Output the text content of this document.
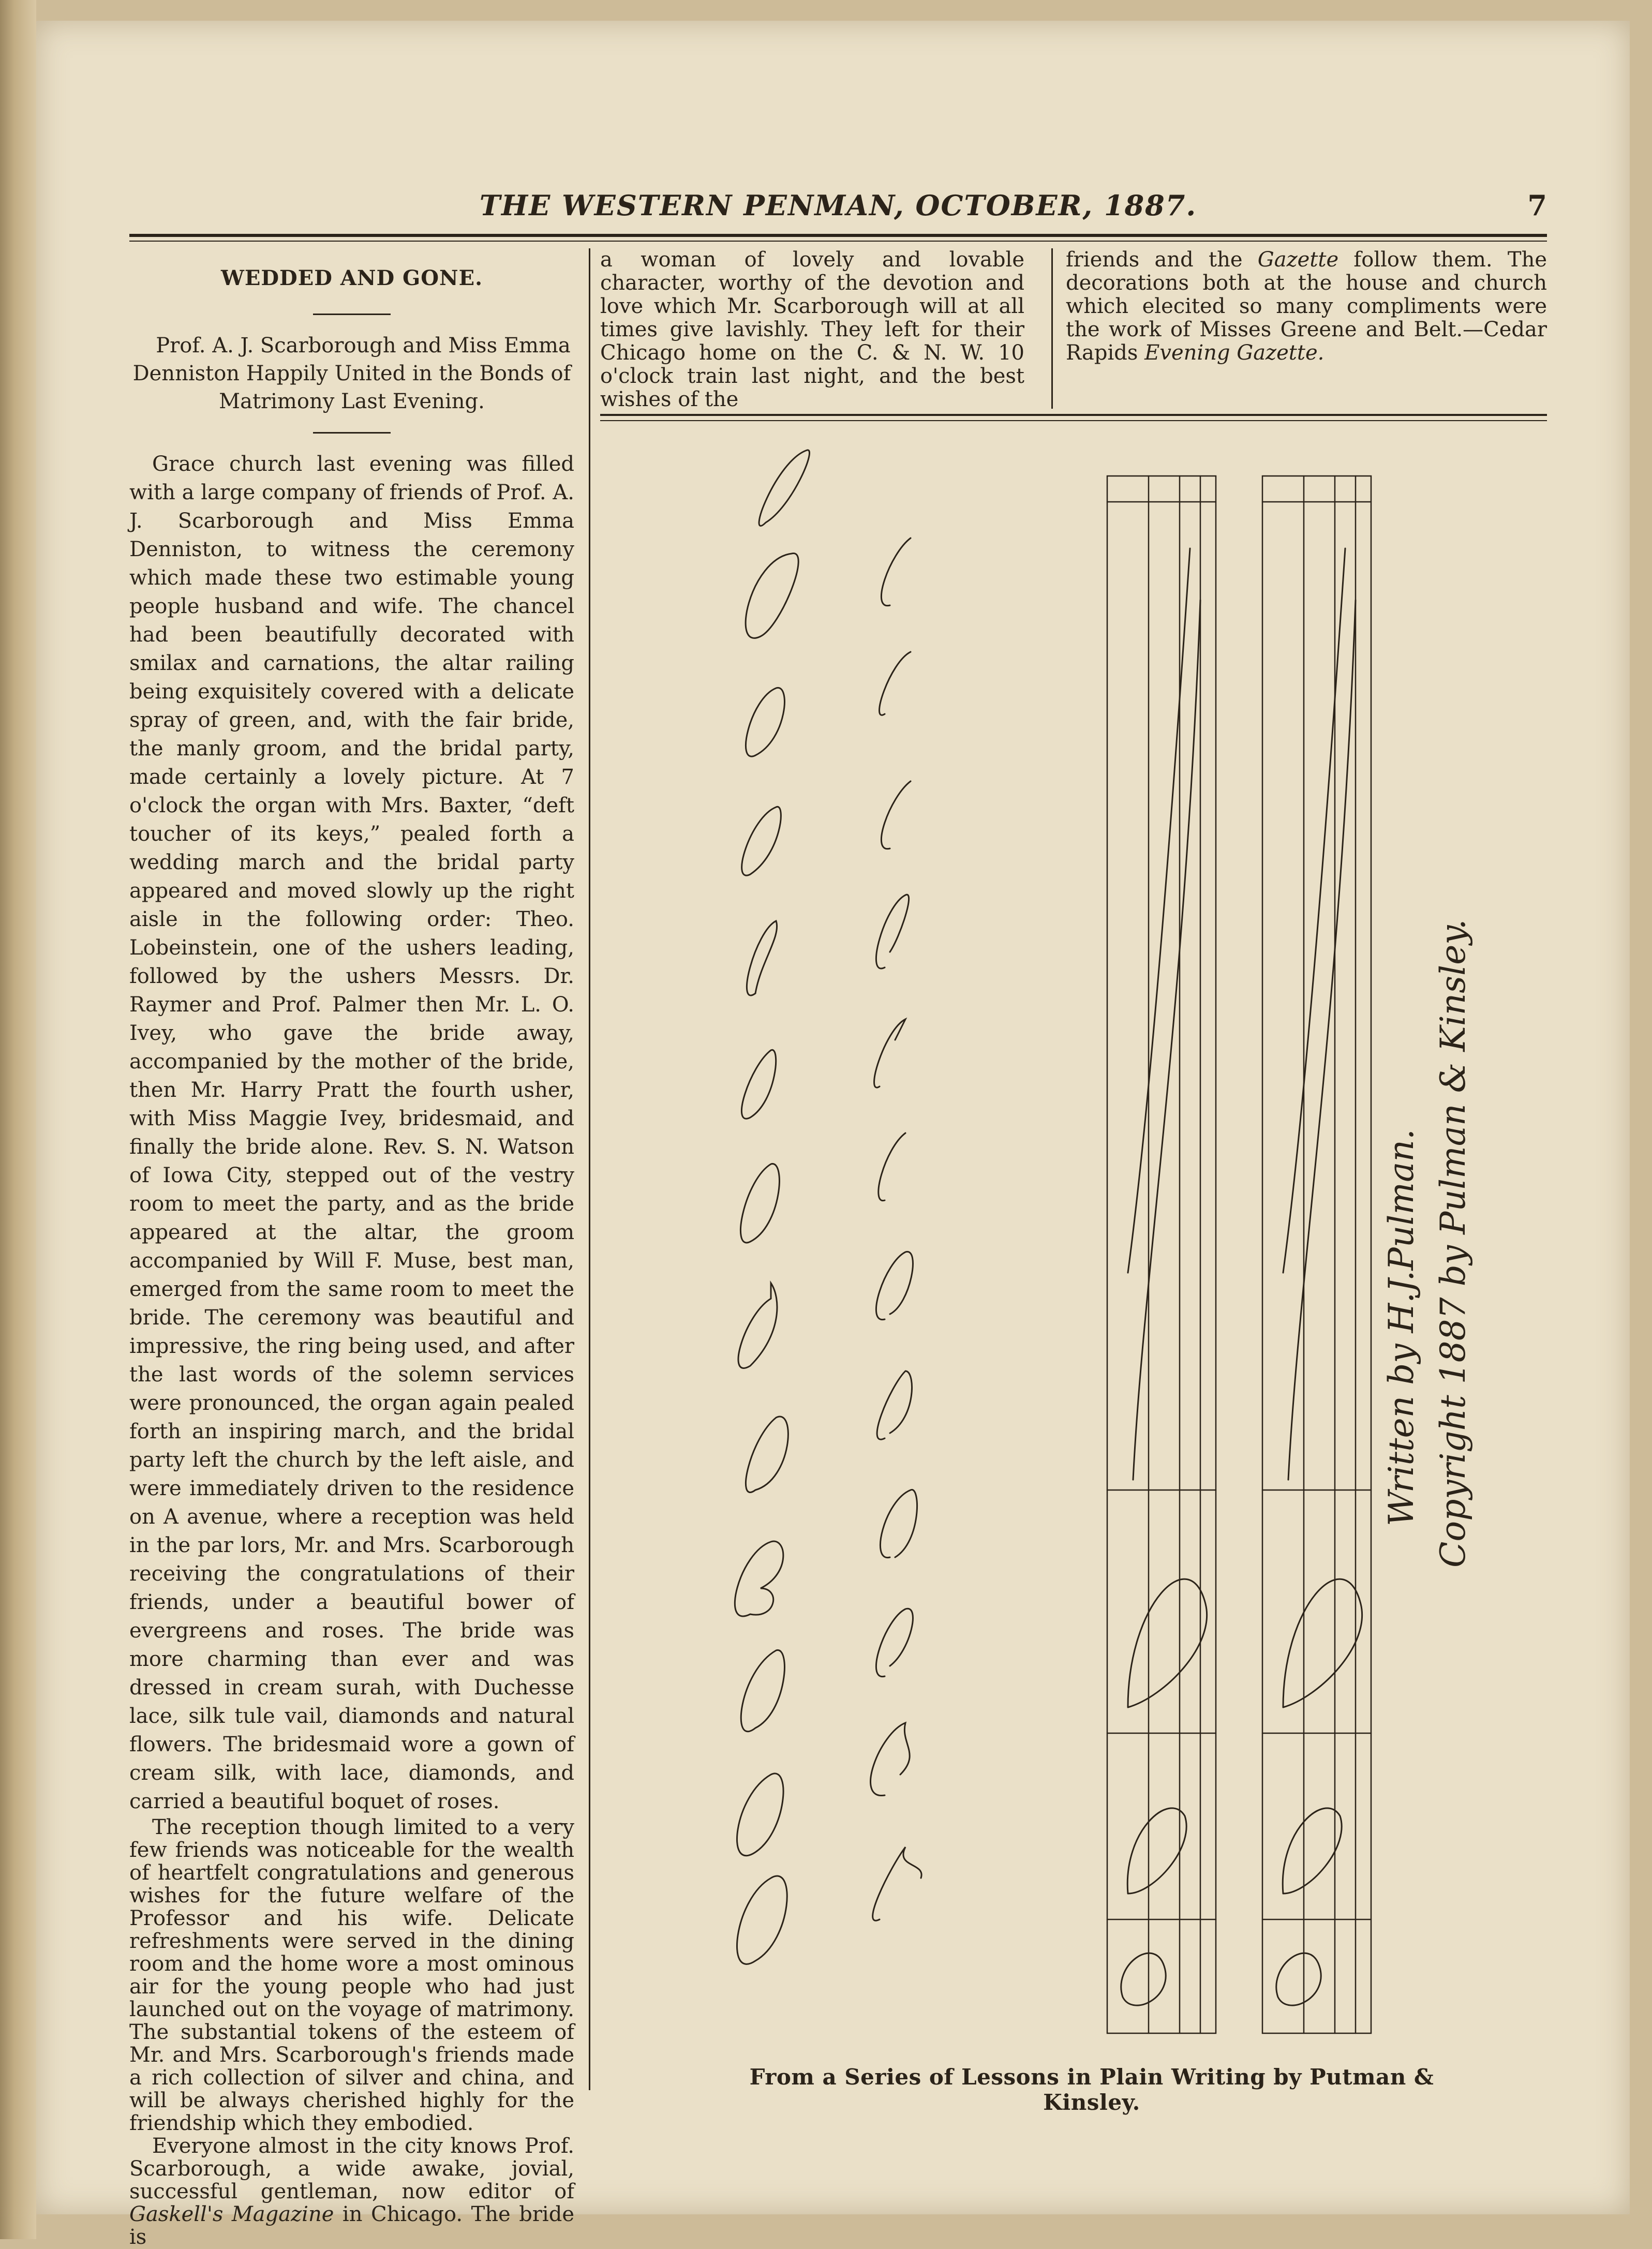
THE WESTERN PENMAN, OCTOBER, 1887.	7
WEDDED AND GONE.

Prof. A. J. Scarborough and Miss Emma Denniston Happily United in the Bonds of Matrimony Last Evening.

Grace church last evening was filled with a large company of friends of Prof. A. J. Scarborough and Miss Emma Denniston, to witness the ceremony which made these two estimable young people husband and wife. The chancel had been beautifully decorated with smilax and carnations, the altar railing being exquisitely covered with a delicate spray of green, and, with the fair bride, the manly groom, and the bridal party, made certainly a lovely picture. At 7 o'clock the organ with Mrs. Baxter, “deft toucher of its keys,” pealed forth a wedding march and the bridal party appeared and moved slowly up the right aisle in the following order: Theo. Lobeinstein, one of the ushers leading, followed by the ushers Messrs. Dr. Raymer and Prof. Palmer then Mr. L. O. Ivey, who gave the bride away, accompanied by the mother of the bride, then Mr. Harry Pratt the fourth usher, with Miss Maggie Ivey, bridesmaid, and finally the bride alone. Rev. S. N. Watson of Iowa City, stepped out of the vestry room to meet the party, and as the bride appeared at the altar, the groom accompanied by Will F. Muse, best man, emerged from the same room to meet the bride. The ceremony was beautiful and impressive, the ring being used, and after the last words of the solemn services were pronounced, the organ again pealed forth an inspiring march, and the bridal party left the church by the left aisle, and were immediately driven to the residence on A avenue, where a reception was held in the par lors, Mr. and Mrs. Scarborough receiving the congratulations of their friends, under a beautiful bower of evergreens and roses. The bride was more charming than ever and was dressed in cream surah, with Duchesse lace, silk tule vail, diamonds and natural flowers. The bridesmaid wore a gown of cream silk, with lace, diamonds, and carried a beautiful boquet of roses.

The reception though limited to a very few friends was noticeable for the wealth of heartfelt congratulations and generous wishes for the future welfare of the Professor and his wife. Delicate refreshments were served in the dining room and the home wore a most ominous air for the young people who had just launched out on the voyage of matrimony. The substantial tokens of the esteem of Mr. and Mrs. Scarborough's friends made a rich collection of silver and china, and will be always cherished highly for the friendship which they embodied.

Everyone almost in the city knows Prof. Scarborough, a wide awake, jovial, successful gentleman, now editor of Gaskell's Magazine in Chicago. The bride is

a woman of lovely and lovable character, worthy of the devotion and love which Mr. Scarborough will at all times give lavishly. They left for their Chicago home on the C. & N. W. 10 o'clock train last night, and the best wishes of the

friends and the Gazette follow them. The decorations both at the house and church which elecited so many compliments were the work of Misses Greene and Belt.—Cedar Rapids Evening Gazette.

Written by H.J.Pulman. Copyright 1887 by Pulman & Kinsley.
From a Series of Lessons in Plain Writing by Putman & Kinsley.
